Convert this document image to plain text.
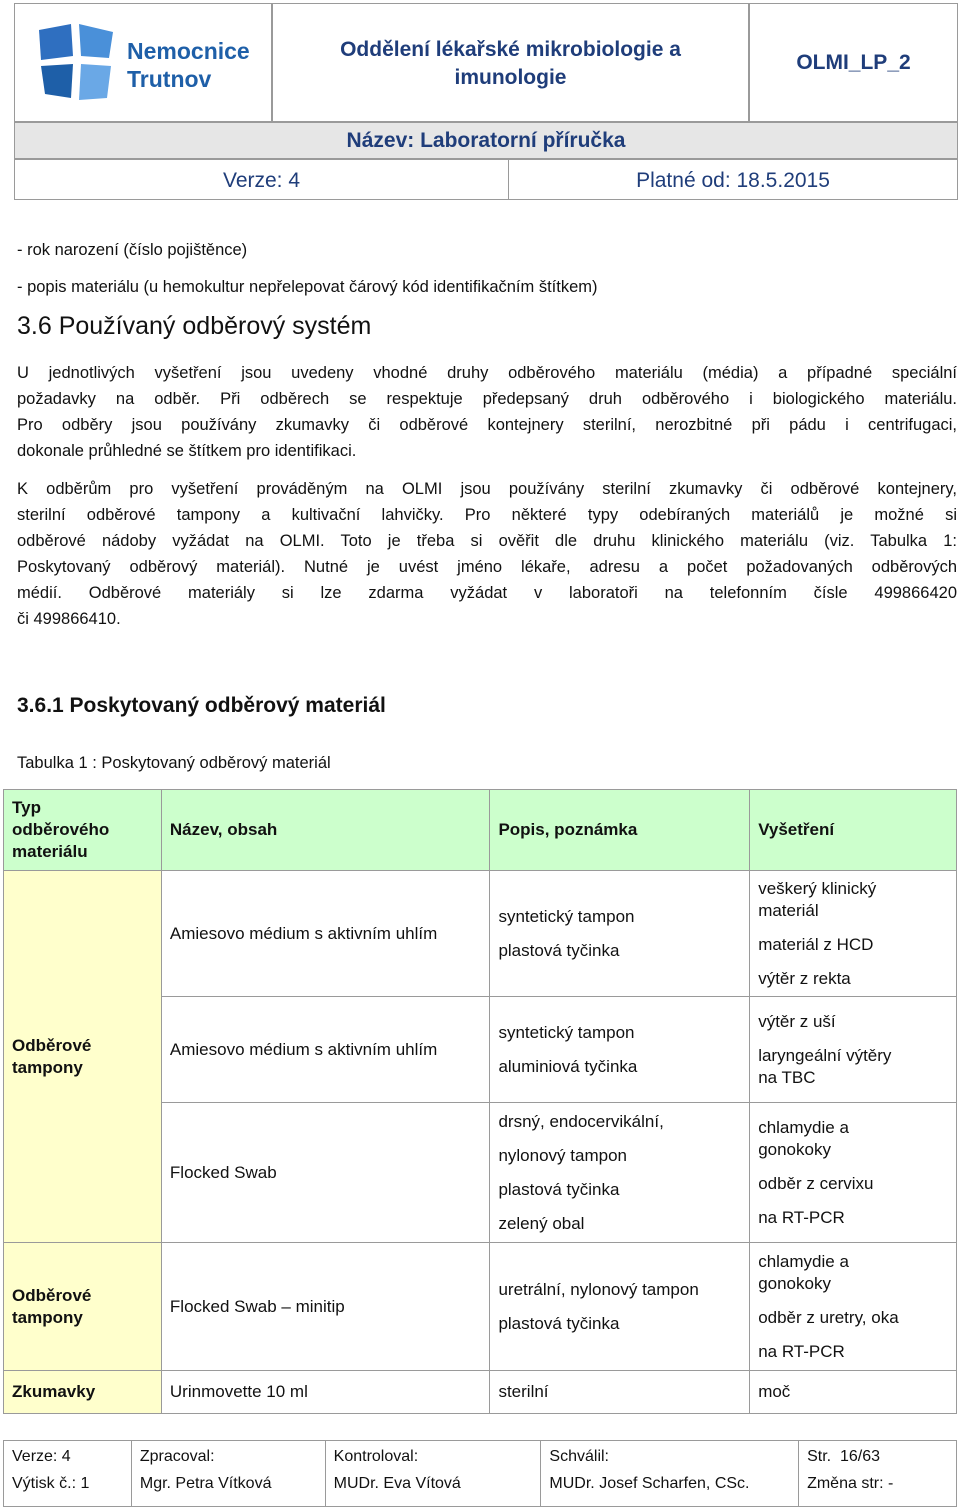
Nemocnice
Trutnov
Oddělení lékařské mikrobiologie a
imunologie
OLMI_LP_2
Název: Laboratorní příručka
Verze: 4	Platné od: 18.5.2015
- rok narození (číslo pojištěnce)
- popis materiálu (u hemokultur nepřelepovat čárový kód identifikačním štítkem)
3.6 Používaný odběrový systém
U jednotlivých vyšetření jsou uvedeny vhodné druhy odběrového materiálu (média) a případné speciální
požadavky na odběr. Při odběrech se respektuje předepsaný druh odběrového i biologického materiálu.
Pro odběry jsou používány zkumavky či odběrové kontejnery sterilní, nerozbitné při pádu i centrifugaci,
dokonale průhledné se štítkem pro identifikaci.
K odběrům pro vyšetření prováděným na OLMI jsou používány sterilní zkumavky či odběrové kontejnery,
sterilní odběrové tampony a kultivační lahvičky. Pro některé typy odebíraných materiálů je možné si
odběrové nádoby vyžádat na OLMI. Toto je třeba si ověřit dle druhu klinického materiálu (viz. Tabulka 1:
Poskytovaný odběrový materiál). Nutné je uvést jméno lékaře, adresu a počet požadovaných odběrových
médií. Odběrové materiály si lze zdarma vyžádat v laboratoři na telefonním čísle 499866420
či 499866410.
3.6.1 Poskytovaný odběrový materiál
Tabulka 1 : Poskytovaný odběrový materiál
Typ
odběrového
materiálu	Název, obsah	Popis, poznámka	Vyšetření

Odběrové
tampony	Amiesovo médium s aktivním uhlím	syntetický tampon
plastová tyčinka	veškerý klinický
materiál
materiál z HCD
výtěr z rekta

	Amiesovo médium s aktivním uhlím	syntetický tampon
aluminiová tyčinka	výtěr z uší
laryngeální výtěry
na TBC

	Flocked Swab	drsný, endocervikální,
nylonový tampon
plastová tyčinka
zelený obal	chlamydie a
gonokoky
odběr z cervixu
na RT-PCR

Odběrové
tampony	Flocked Swab – minitip	uretrální, nylonový tampon
plastová tyčinka	chlamydie a
gonokoky
odběr z uretry, oka
na RT-PCR

Zkumavky	Urinmovette 10 ml	sterilní	moč
Verze: 4
Výtisk č.: 1

Zpracoval:
Mgr. Petra Vítková

Kontroloval:
MUDr. Eva Vítová

Schválil:
MUDr. Josef Scharfen, CSc.

Str.  16/63
Změna str: -
